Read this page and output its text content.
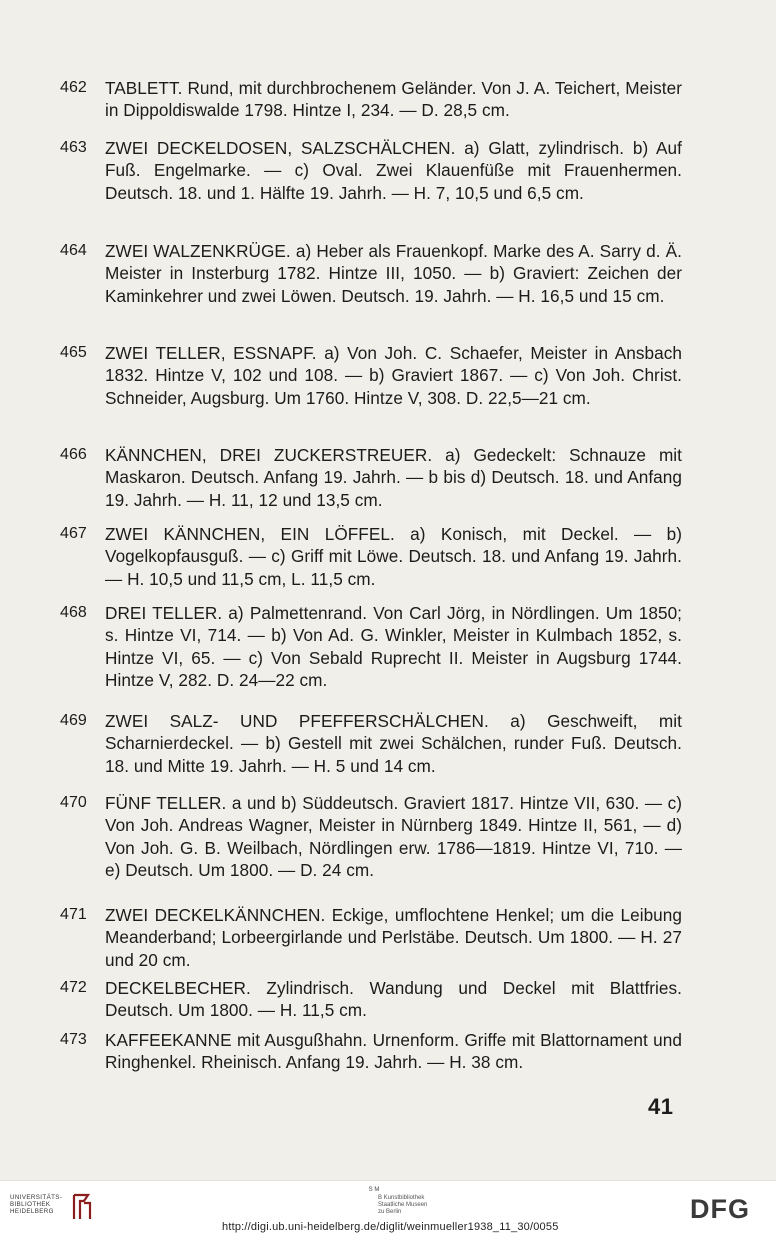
462	TABLETT. Rund, mit durchbrochenem Geländer. Von J. A. Teichert, Meister in Dippoldiswalde 1798. Hintze I, 234. — D. 28,5 cm.
463	ZWEI DECKELDOSEN, SALZSCHÄLCHEN. a) Glatt, zylindrisch. b) Auf Fuß. Engelmarke. — c) Oval. Zwei Klauenfüße mit Frauenhermen. Deutsch. 18. und 1. Hälfte 19. Jahrh. — H. 7, 10,5 und 6,5 cm.
464	ZWEI WALZENKRÜGE. a) Heber als Frauenkopf. Marke des A. Sarry d. Ä. Meister in Insterburg 1782. Hintze III, 1050. — b) Graviert: Zeichen der Kaminkehrer und zwei Löwen. Deutsch. 19. Jahrh. — H. 16,5 und 15 cm.
465	ZWEI TELLER, ESSNAPF. a) Von Joh. C. Schaefer, Meister in Ansbach 1832. Hintze V, 102 und 108. — b) Graviert 1867. — c) Von Joh. Christ. Schneider, Augsburg. Um 1760. Hintze V, 308. D. 22,5—21 cm.
466	KÄNNCHEN, DREI ZUCKERSTREUER. a) Gedeckelt: Schnauze mit Maskaron. Deutsch. Anfang 19. Jahrh. — b bis d) Deutsch. 18. und Anfang 19. Jahrh. — H. 11, 12 und 13,5 cm.
467	ZWEI KÄNNCHEN, EIN LÖFFEL. a) Konisch, mit Deckel. — b) Vogelkopfausguß. — c) Griff mit Löwe. Deutsch. 18. und Anfang 19. Jahrh. — H. 10,5 und 11,5 cm, L. 11,5 cm.
468	DREI TELLER. a) Palmettenrand. Von Carl Jörg, in Nördlingen. Um 1850; s. Hintze VI, 714. — b) Von Ad. G. Winkler, Meister in Kulmbach 1852, s. Hintze VI, 65. — c) Von Sebald Ruprecht II. Meister in Augsburg 1744. Hintze V, 282. D. 24—22 cm.
469	ZWEI SALZ- UND PFEFFERSCHÄLCHEN. a) Geschweift, mit Scharnierdeckel. — b) Gestell mit zwei Schälchen, runder Fuß. Deutsch. 18. und Mitte 19. Jahrh. — H. 5 und 14 cm.
470	FÜNF TELLER. a und b) Süddeutsch. Graviert 1817. Hintze VII, 630. — c) Von Joh. Andreas Wagner, Meister in Nürnberg 1849. Hintze II, 561, — d) Von Joh. G. B. Weilbach, Nördlingen erw. 1786—1819. Hintze VI, 710. — e) Deutsch. Um 1800. — D. 24 cm.
471	ZWEI DECKELKÄNNCHEN. Eckige, umflochtene Henkel; um die Leibung Meanderband; Lorbeergirlande und Perlstäbe. Deutsch. Um 1800. — H. 27 und 20 cm.
472	DECKELBECHER. Zylindrisch. Wandung und Deckel mit Blattfries. Deutsch. Um 1800. — H. 11,5 cm.
473	KAFFEEKANNE mit Ausgußhahn. Urnenform. Griffe mit Blattornament und Ringhenkel. Rheinisch. Anfang 19. Jahrh. — H. 38 cm.
41
UNIVERSITÄTS-
BIBLIOTHEK
HEIDELBERG
S M
B Kunstbibliothek
Staatliche Museen
zu Berlin
http://digi.ub.uni-heidelberg.de/diglit/weinmueller1938_11_30/0055
DFG
